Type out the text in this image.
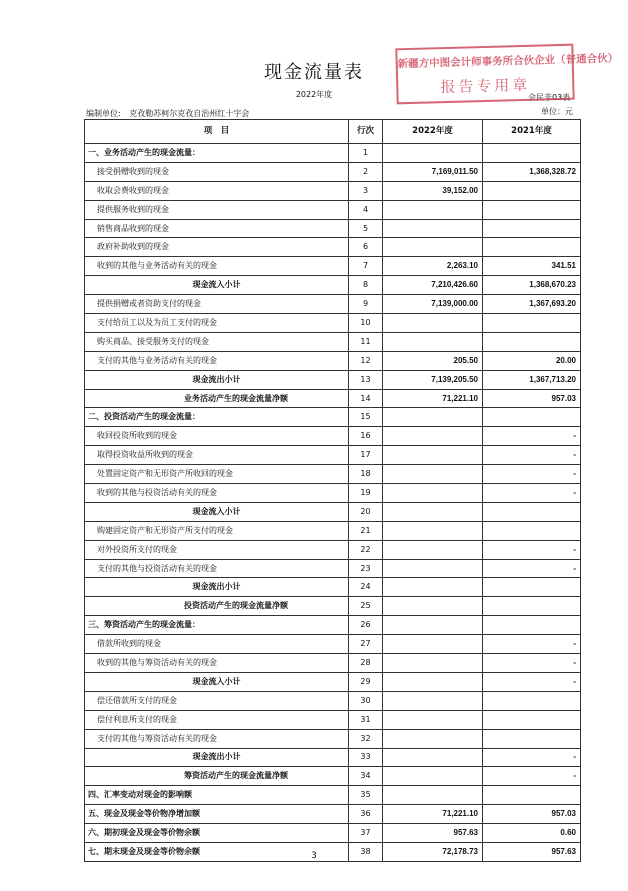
现金流量表
2022年度	会民非03表
编制单位: 克孜勒苏柯尔克孜自治州红十字会	单位：元
新疆方中图会计师事务所合伙企业（普通合伙）
报告专用章
项　目	行次	2022年度	2021年度
一、业务活动产生的现金流量：	1		
接受捐赠收到的现金	2	7,169,011.50	1,368,328.72
收取会费收到的现金	3	39,152.00	
提供服务收到的现金	4		
销售商品收到的现金	5		
政府补助收到的现金	6		
收到的其他与业务活动有关的现金	7	2,263.10	341.51
现金流入小计	8	7,210,426.60	1,368,670.23
提供捐赠或者资助支付的现金	9	7,139,000.00	1,367,693.20
支付给员工以及为员工支付的现金	10		
购买商品、接受服务支付的现金	11		
支付的其他与业务活动有关的现金	12	205.50	20.00
现金流出小计	13	7,139,205.50	1,367,713.20
业务活动产生的现金流量净额	14	71,221.10	957.03
二、投资活动产生的现金流量：	15		
收回投资所收到的现金	16		-
取得投资收益所收到的现金	17		-
处置固定资产和无形资产所收回的现金	18		-
收到的其他与投资活动有关的现金	19		-
现金流入小计	20		
购建固定资产和无形资产所支付的现金	21		
对外投资所支付的现金	22		-
支付的其他与投资活动有关的现金	23		-
现金流出小计	24		
投资活动产生的现金流量净额	25		
三、筹资活动产生的现金流量：	26		
借款所收到的现金	27		-
收到的其他与筹资活动有关的现金	28		-
现金流入小计	29		-
偿还借款所支付的现金	30		
偿付利息所支付的现金	31		
支付的其他与筹资活动有关的现金	32		
现金流出小计	33		-
筹资活动产生的现金流量净额	34		-
四、汇率变动对现金的影响额	35		
五、现金及现金等价物净增加额	36	71,221.10	957.03
六、期初现金及现金等价物余额	37	957.63	0.60
七、期末现金及现金等价物余额	38	72,178.73	957.63
3
